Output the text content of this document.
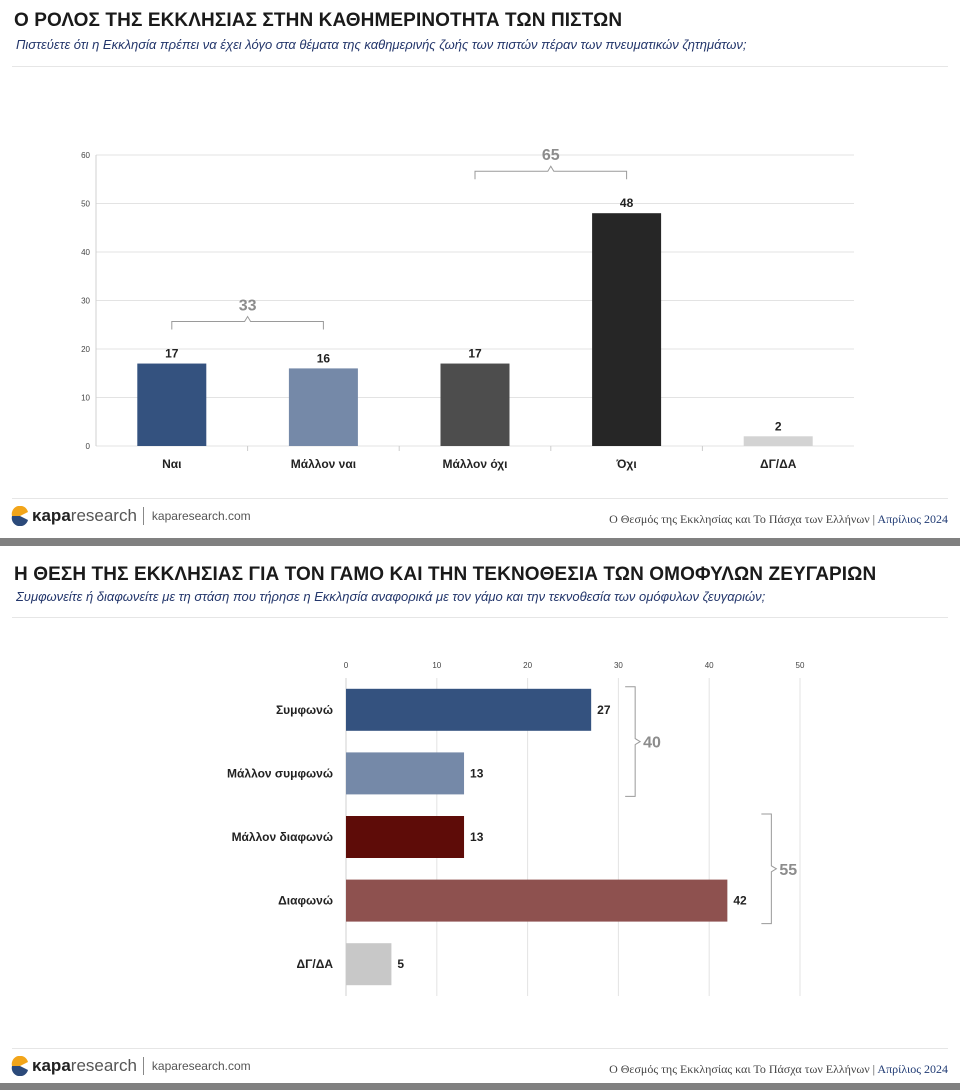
Ο ΡΟΛΟΣ ΤΗΣ ΕΚΚΛΗΣΙΑΣ ΣΤΗΝ ΚΑΘΗΜΕΡΙΝΟΤΗΤΑ ΤΩΝ ΠΙΣΤΩΝ
Πιστεύετε ότι η Εκκλησία πρέπει να έχει λόγο στα θέματα της καθημερινής ζωής των πιστών πέραν των πνευματικών ζητημάτων;
0
10
20
30
40
50
60
17
Ναι
16
Μάλλον ναι
17
Μάλλον όχι
48
Όχι
2
ΔΓ/ΔΑ
33
65
κaparesearch kaparesearch.com	Ο Θεσμός της Εκκλησίας και Το Πάσχα των Ελλήνων | Απρίλιος 2024
Η ΘΕΣΗ ΤΗΣ ΕΚΚΛΗΣΙΑΣ ΓΙΑ ΤΟΝ ΓΑΜΟ ΚΑΙ ΤΗΝ ΤΕΚΝΟΘΕΣΙΑ ΤΩΝ ΟΜΟΦΥΛΩΝ ΖΕΥΓΑΡΙΩΝ
Συμφωνείτε ή διαφωνείτε με τη στάση που τήρησε η Εκκλησία αναφορικά με τον γάμο και την τεκνοθεσία των ομόφυλων ζευγαριών;
0	10	20	30	40	50
27
Συμφωνώ
13
Μάλλον συμφωνώ
13
Μάλλον διαφωνώ
42
Διαφωνώ
5
ΔΓ/ΔΑ
40
55
κaparesearch kaparesearch.com	Ο Θεσμός της Εκκλησίας και Το Πάσχα των Ελλήνων | Απρίλιος 2024
